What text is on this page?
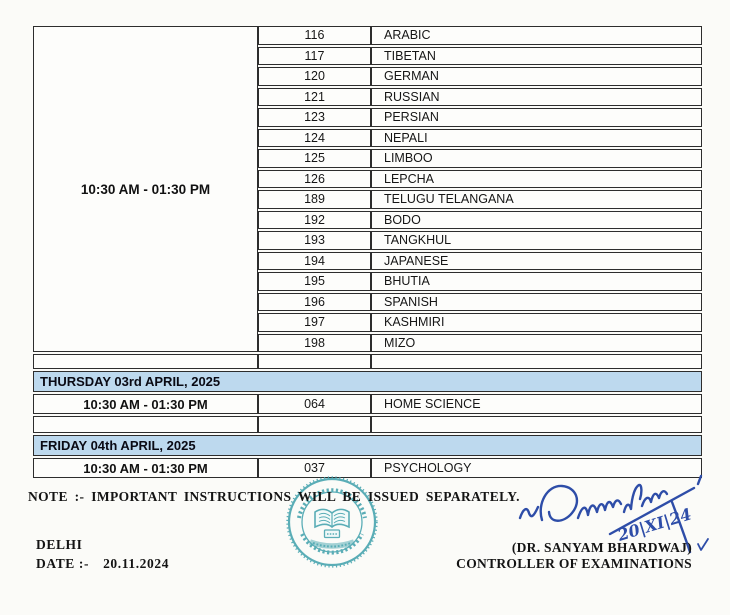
10:30 AM - 01:30 PM
116	ARABIC
117	TIBETAN
120	GERMAN
121	RUSSIAN
123	PERSIAN
124	NEPALI
125	LIMBOO
126	LEPCHA
189	TELUGU TELANGANA
192	BODO
193	TANGKHUL
194	JAPANESE
195	BHUTIA
196	SPANISH
197	KASHMIRI
198	MIZO
THURSDAY 03rd APRIL, 2025
10:30 AM - 01:30 PM	064	HOME SCIENCE
FRIDAY 04th APRIL, 2025
10:30 AM - 01:30 PM	037	PSYCHOLOGY
20|XI|24
NOTE :- IMPORTANT INSTRUCTIONS WILL BE ISSUED SEPARATELY.
DELHI
DATE :- 20.11.2024
(DR. SANYAM BHARDWAJ)
CONTROLLER OF EXAMINATIONS
